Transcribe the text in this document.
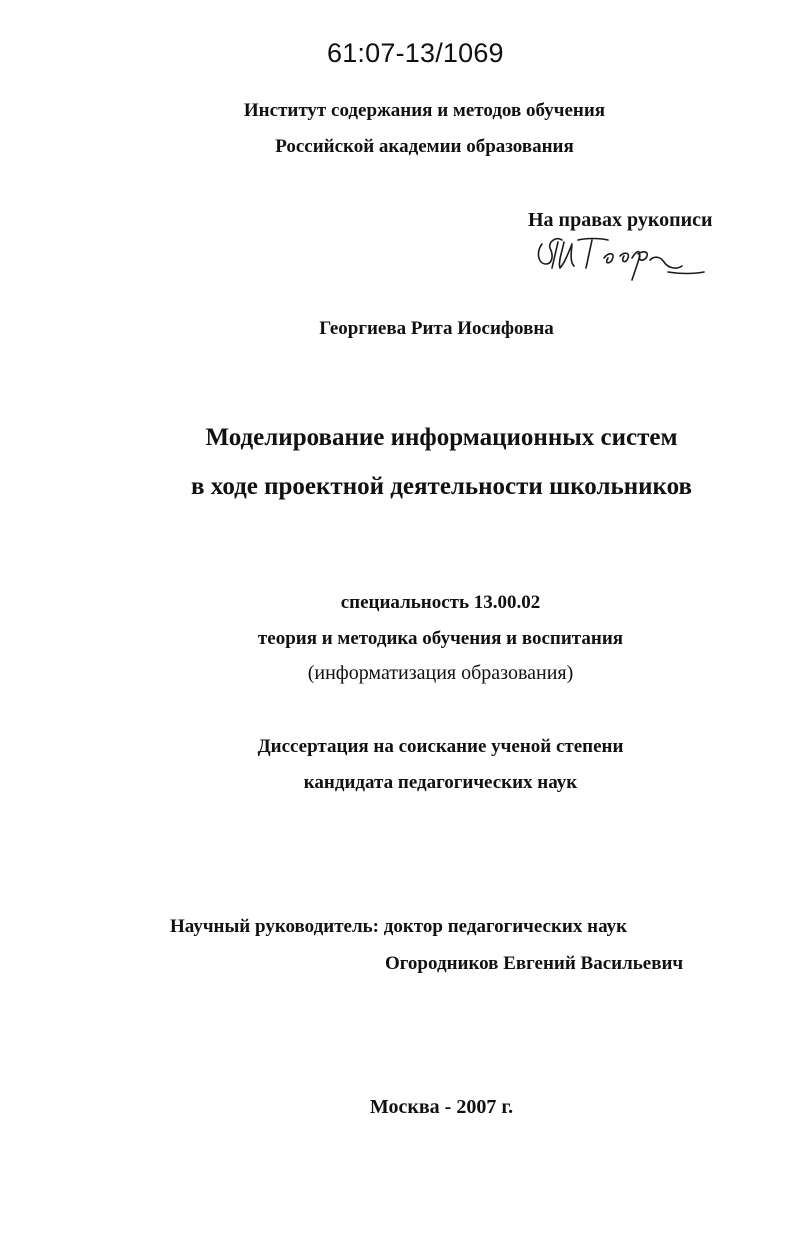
61:07-13/1069

Институт содержания и методов обучения

Российской академии образования

На правах рукописи

Георгиева Рита Иосифовна

Моделирование информационных систем

в ходе проектной деятельности школьников

специальность 13.00.02

теория и методика обучения и воспитания

(информатизация образования)

Диссертация на соискание ученой степени

кандидата педагогических наук

Научный руководитель: доктор педагогических наук

Огородников Евгений Васильевич

Москва - 2007 г.
